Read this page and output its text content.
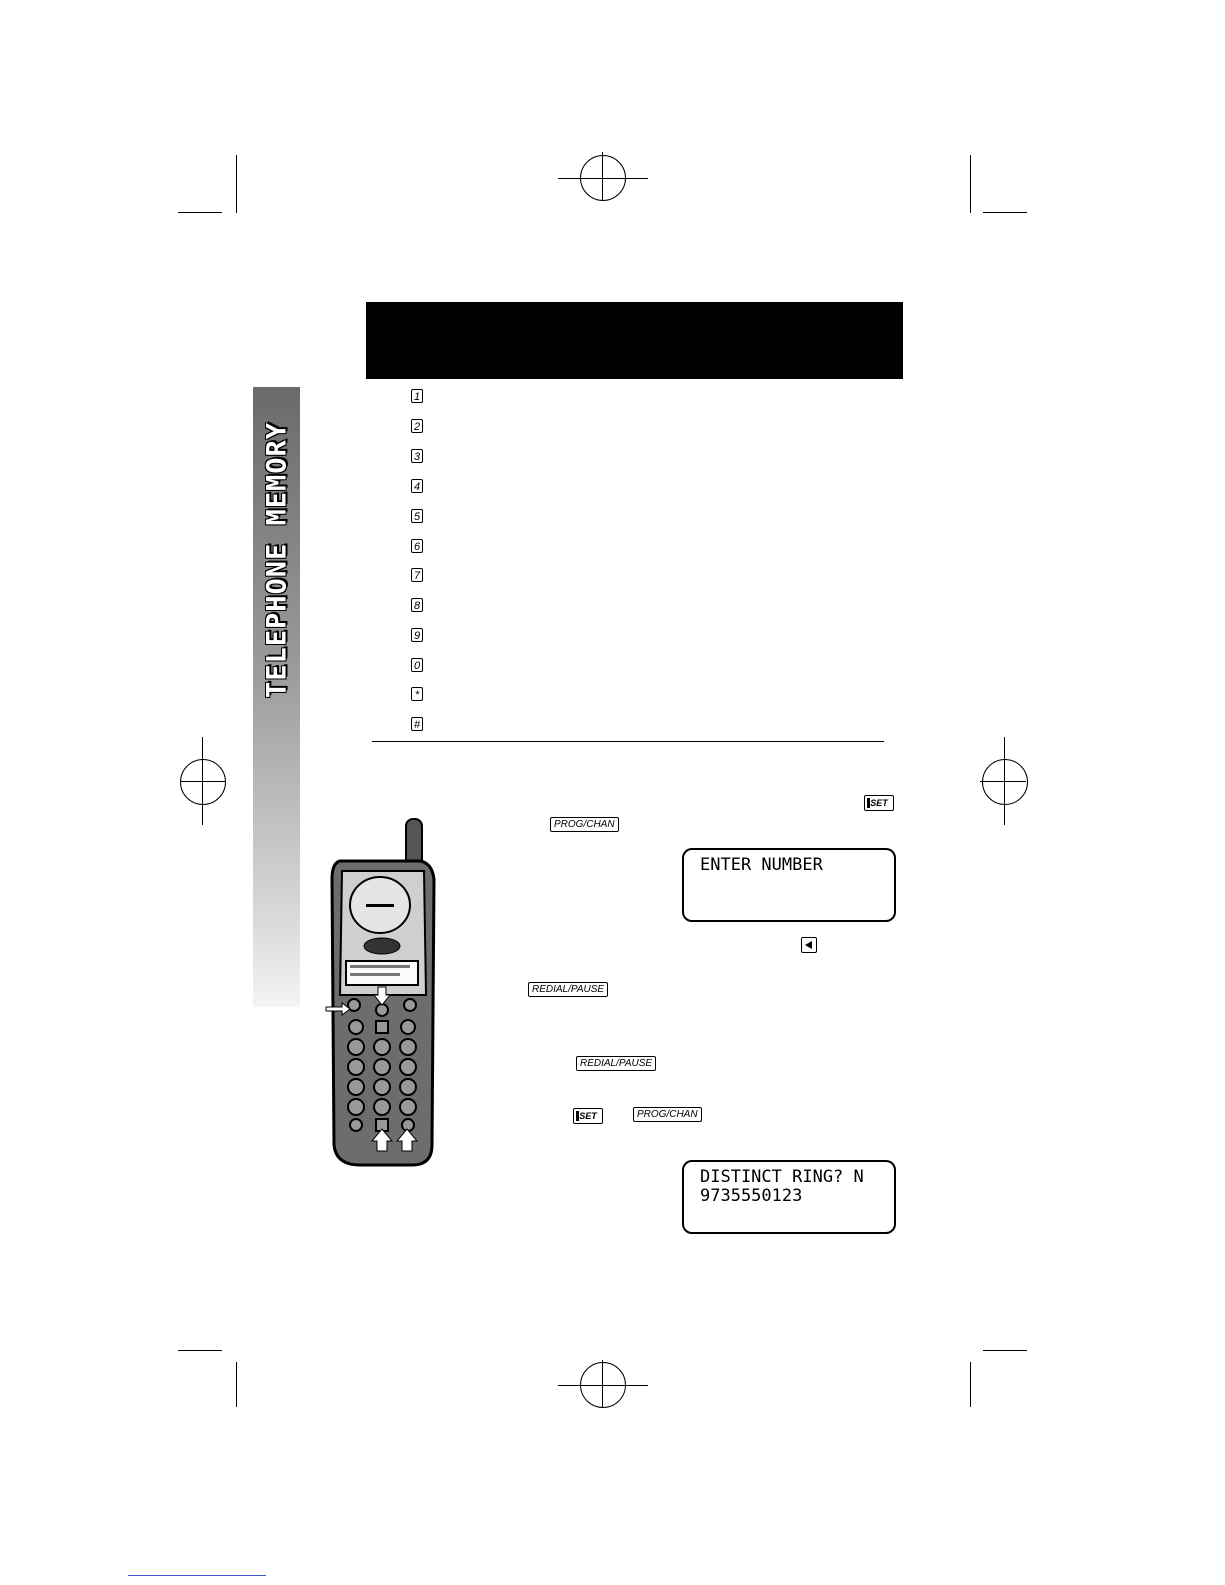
TELEPHONE MEMORY
1
2
3
4
5
6
7
8
9
0
*
#
SET
PROG/CHAN
ENTER NUMBER
REDIAL/PAUSE
REDIAL/PAUSE
SET	PROG/CHAN
DISTINCT RING? N
9735550123
